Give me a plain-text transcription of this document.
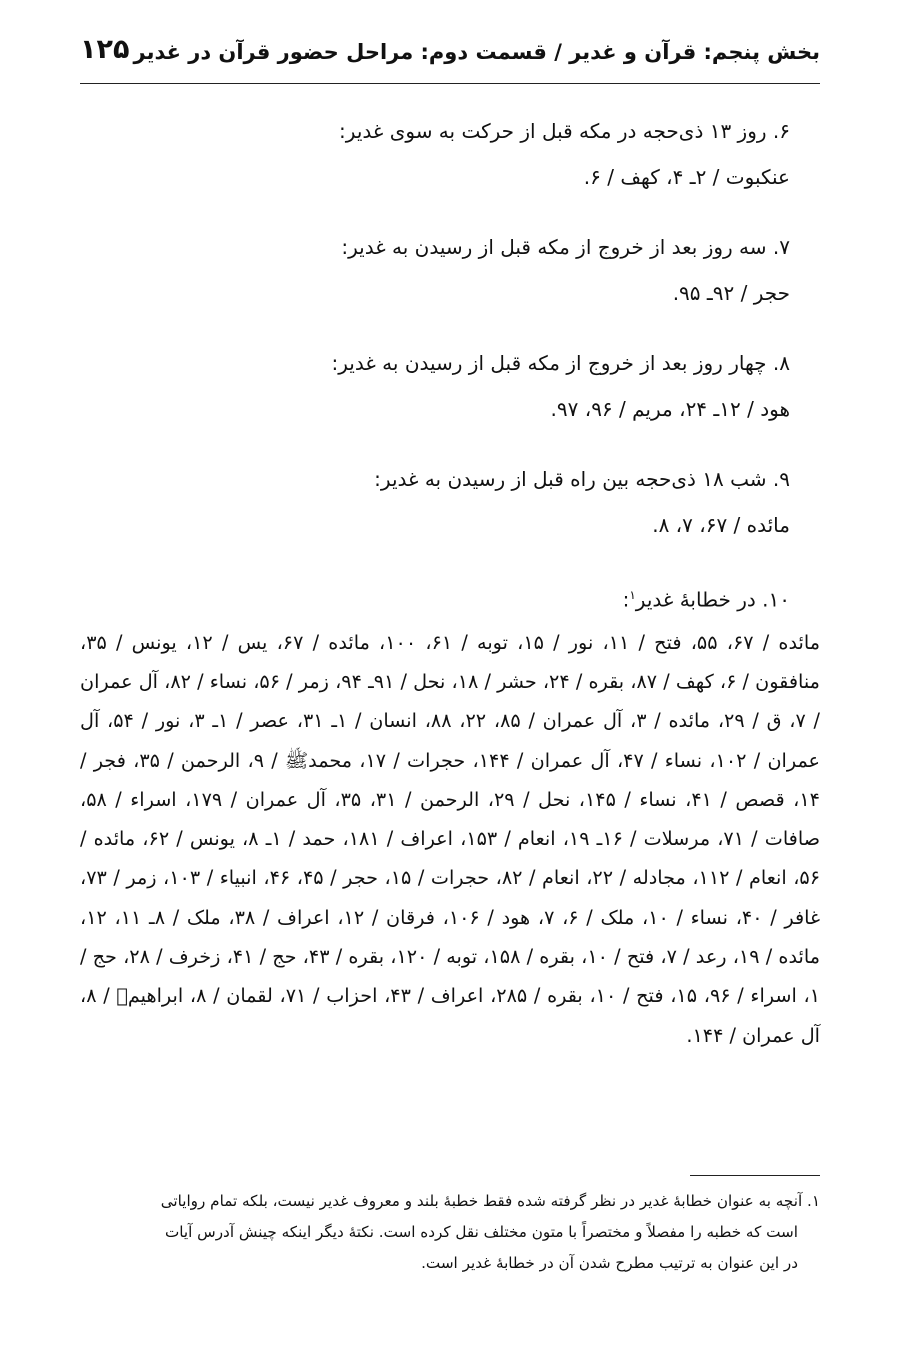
بخش پنجم: قرآن و غدیر / قسمت دوم: مراحل حضور قرآن در غدیر
۱۲۵
۶. روز ۱۳ ذی‌حجه در مکه قبل از حرکت به سوی غدیر:
عنکبوت / ۲ـ ۴، کهف / ۶.
۷. سه روز بعد از خروج از مکه قبل از رسیدن به غدیر:
حجر / ۹۲ـ ۹۵.
۸. چهار روز بعد از خروج از مکه قبل از رسیدن به غدیر:
هود / ۱۲ـ ۲۴، مریم / ۹۶، ۹۷.
۹. شب ۱۸ ذی‌حجه بین راه قبل از رسیدن به غدیر:
مائده / ۶۷، ۷، ۸.
۱۰. در خطابهٔ غدیر$^۱$:
مائده / ۶۷، ۵۵، فتح / ۱۱، نور / ۱۵، توبه / ۶۱، ۱۰۰، مائده / ۶۷، یس / ۱۲، یونس / ۳۵، منافقون / ۶، کهف / ۸۷، بقره / ۲۴، حشر / ۱۸، نحل / ۹۱ـ ۹۴، زمر / ۵۶، نساء / ۸۲، آل عمران / ۷، ق / ۲۹، مائده / ۳، آل عمران / ۸۵، ۲۲، ۸۸، انسان / ۱ـ ۳۱، عصر / ۱ـ ۳، نور / ۵۴، آل عمران / ۱۰۲، نساء / ۴۷، آل عمران / ۱۴۴، حجرات / ۱۷، محمدﷺ / ۹، الرحمن / ۳۵، فجر / ۱۴، قصص / ۴۱، نساء / ۱۴۵، نحل / ۲۹، الرحمن / ۳۱، ۳۵، آل عمران / ۱۷۹، اسراء / ۵۸، صافات / ۷۱، مرسلات / ۱۶ـ ۱۹، انعام / ۱۵۳، اعراف / ۱۸۱، حمد / ۱ـ ۸، یونس / ۶۲، مائده / ۵۶، انعام / ۱۱۲، مجادله / ۲۲، انعام / ۸۲، حجرات / ۱۵، حجر / ۴۵، ۴۶، انبیاء / ۱۰۳، زمر / ۷۳، غافر / ۴۰، نساء / ۱۰، ملک / ۶، ۷، هود / ۱۰۶، فرقان / ۱۲، اعراف / ۳۸، ملک / ۸ـ ۱۱، ۱۲، مائده / ۱۹، رعد / ۷، فتح / ۱۰، بقره / ۱۵۸، توبه / ۱۲۰، بقره / ۴۳، حج / ۴۱، زخرف / ۲۸، حج / ۱، اسراء / ۹۶، ۱۵، فتح / ۱۰، بقره / ۲۸۵، اعراف / ۴۳، احزاب / ۷۱، لقمان / ۸، ابراهیمؑ / ۸، آل عمران / ۱۴۴.
۱. آنچه به عنوان خطابهٔ غدیر در نظر گرفته شده فقط خطبهٔ بلند و معروف غدیر نیست، بلکه تمام روایاتی
است که خطبه را مفصلاً و مختصراً با متون مختلف نقل کرده است. نکتهٔ دیگر اینکه چینش آدرس آیات
در این عنوان به ترتیب مطرح شدن آن در خطابهٔ غدیر است.
